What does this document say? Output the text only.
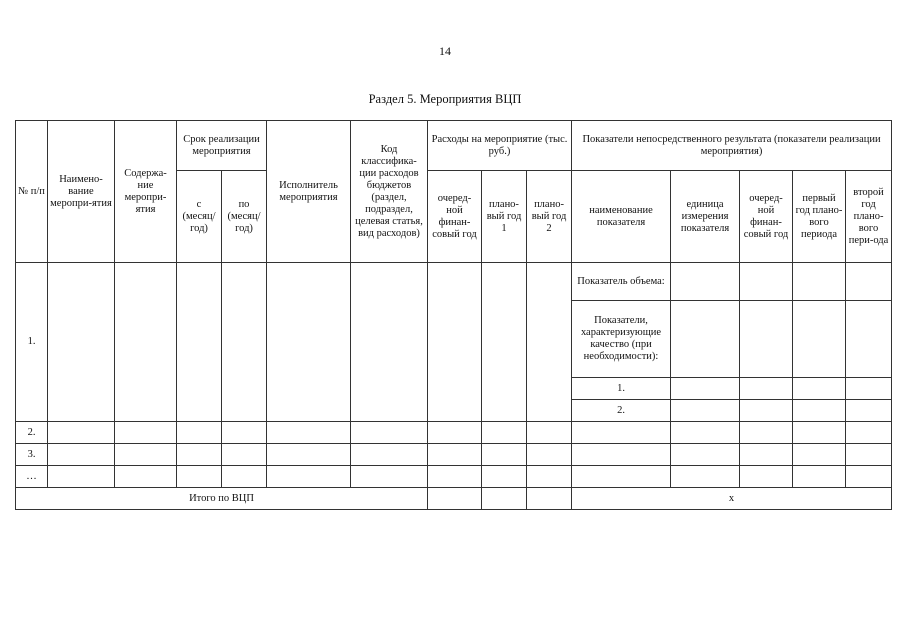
14
Раздел 5. Мероприятия ВЦП
№ п/п	Наимено-вание меропри-ятия	Содержа-ние меропри-ятия	Срок реализации мероприятия		Исполнитель мероприятия	Код классифика-ции расходов бюджетов (раздел, подраздел, целевая статья, вид расходов)	Расходы на мероприятие (тыс. руб.)			Показатели непосредственного результата (показатели реализации мероприятия)				
			с (месяц/ год)	по (месяц/ год)			очеред-ной финан-совый год	плано-вый год 1	плано-вый год 2	наименование показателя	единица измерения показателя	очеред-ной финан-совый год	первый год плано-вого периода	второй год плано-вого пери-ода
1.										Показатель объема:				
										Показатели, характеризующие качество (при необходимости):				
										1.				
										2.				
2.														
3.														
…														
Итого по ВЦП										х				
